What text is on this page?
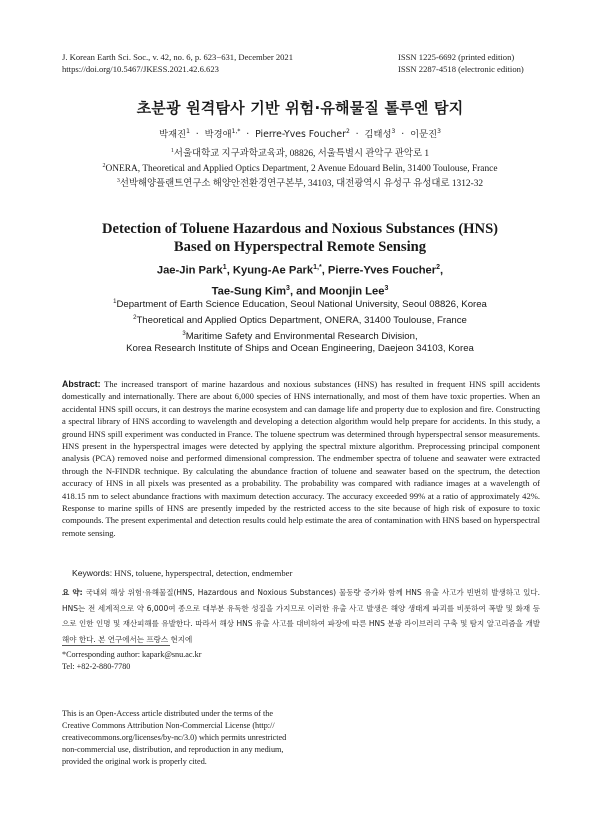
J. Korean Earth Sci. Soc., v. 42, no. 6, p. 623−631, December 2021
https://doi.org/10.5467/JKESS.2021.42.6.623
ISSN 1225-6692 (printed edition)
ISSN 2287-4518 (electronic edition)
초분광 원격탐사 기반 위험·유해물질 톨루엔 탐지
박재진$^1$  ·  박경애$^{1,*}$  ·  Pierre-Yves Foucher$^2$  ·  김태성$^3$  ·  이문진$^3$
$^1$서울대학교 지구과학교육과, 08826, 서울특별시 관악구 관악로 1
$^2$ONERA, Theoretical and Applied Optics Department, 2 Avenue Edouard Belin, 31400 Toulouse, France
$^3$선박해양플랜트연구소 해양안전환경연구본부, 34103, 대전광역시 유성구 유성대로 1312-32
Detection of Toluene Hazardous and Noxious Substances (HNS)
Based on Hyperspectral Remote Sensing
Jae-Jin Park$^1$, Kyung-Ae Park$^{1,*}$, Pierre-Yves Foucher$^2$,
Tae-Sung Kim$^3$, and Moonjin Lee$^3$
$^1$Department of Earth Science Education, Seoul National University, Seoul 08826, Korea
$^2$Theoretical and Applied Optics Department, ONERA, 31400 Toulouse, France
$^3$Maritime Safety and Environmental Research Division,
Korea Research Institute of Ships and Ocean Engineering, Daejeon 34103, Korea
Abstract: The increased transport of marine hazardous and noxious substances (HNS) has resulted in frequent HNS spill accidents domestically and internationally. There are about 6,000 species of HNS internationally, and most of them have toxic properties. When an accidental HNS spill occurs, it can destroys the marine ecosystem and can damage life and property due to explosion and fire. Constructing a spectral library of HNS according to wavelength and developing a detection algorithm would help prepare for accidents. In this study, a ground HNS spill experiment was conducted in France. The toluene spectrum was determined through hyperspectral sensor measurements. HNS present in the hyperspectral images were detected by applying the spectral mixture algorithm. Preprocessing principal component analysis (PCA) removed noise and performed dimensional compression. The endmember spectra of toluene and seawater were extracted through the N-FINDR technique. By calculating the abundance fraction of toluene and seawater based on the spectrum, the detection accuracy of HNS in all pixels was presented as a probability. The probability was compared with radiance images at a wavelength of 418.15 nm to select abundance fractions with maximum detection accuracy. The accuracy exceeded 99% at a ratio of approximately 42%. Response to marine spills of HNS are presently impeded by the restricted access to the site because of high risk of exposure to toxic compounds. The present experimental and detection results could help estimate the area of contamination with HNS based on hyperspectral remote sensing.
Keywords: HNS, toluene, hyperspectral, detection, endmember
요 약: 국내외 해상 위험·유해물질(HNS, Hazardous and Noxious Substances) 물동량 증가와 함께 HNS 유출 사고가 빈번히 발생하고 있다. HNS는 전 세계적으로 약 6,000여 종으로 대부분 유독한 성질을 가지므로 이러한 유출 사고 발생은 해양 생태계 파괴를 비롯하여 폭발 및 화재 등으로 인한 인명 및 재산피해를 유발한다. 따라서 해상 HNS 유출 사고를 대비하여 파장에 따른 HNS 분광 라이브러리 구축 및 탐지 알고리즘을 개발해야 한다. 본 연구에서는 프랑스 현지에
*Corresponding author: kapark@snu.ac.kr
Tel: +82-2-880-7780
This is an Open-Access article distributed under the terms of the
Creative Commons Attribution Non-Commercial License (http://
creativecommons.org/licenses/by-nc/3.0) which permits unrestricted
non-commercial use, distribution, and reproduction in any medium,
provided the original work is properly cited.
